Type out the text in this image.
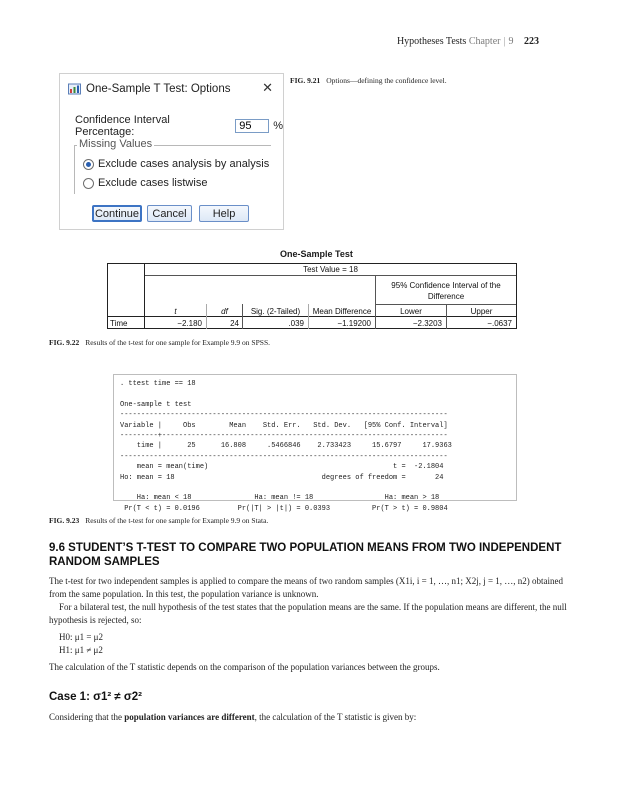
Hypotheses Tests Chapter | 9 223
One-Sample T Test: Options ✕
Confidence Interval Percentage:
95	%
Missing Values
Exclude cases analysis by analysis
Exclude cases listwise
Continue	Cancel	Help
FIG. 9.21 Options—defining the confidence level.
One-Sample Test
Test Value = 18
95% Confidence Interval of the Difference
t	df	Sig. (2-Tailed)	Mean Difference	Lower	Upper
Time	−2.180	24	.039	−1.19200	−2.3203	−.0637
FIG. 9.22 Results of the t-test for one sample for Example 9.9 on SPSS.
. ttest time == 18

One-sample t test
------------------------------------------------------------------------------
Variable |     Obs        Mean    Std. Err.   Std. Dev.   [95% Conf. Interval]
---------+--------------------------------------------------------------------
time |      25      16.808     .5466846    2.733423     15.6797     17.9363
------------------------------------------------------------------------------
mean = mean(time)                                            t =  -2.1804
Ho: mean = 18                                   degrees of freedom =       24

Ha: mean < 18               Ha: mean != 18                 Ha: mean > 18
Pr(T < t) = 0.0196         Pr(|T| > |t|) = 0.0393          Pr(T > t) = 0.9804
FIG. 9.23 Results of the t-test for one sample for Example 9.9 on Stata.
9.6 STUDENT’S T-TEST TO COMPARE TWO POPULATION MEANS FROM TWO INDEPENDENT RANDOM SAMPLES
The t-test for two independent samples is applied to compare the means of two random samples (X1i, i = 1, …, n1; X2j, j = 1, …, n2) obtained from the same population. In this test, the population variance is unknown.
For a bilateral test, the null hypothesis of the test states that the population means are the same. If the population means are different, the null hypothesis is rejected, so:
H0: μ1 = μ2
H1: μ1 ≠ μ2
The calculation of the T statistic depends on the comparison of the population variances between the groups.
Case 1: σ1² ≠ σ2²
Considering that the population variances are different, the calculation of the T statistic is given by:
